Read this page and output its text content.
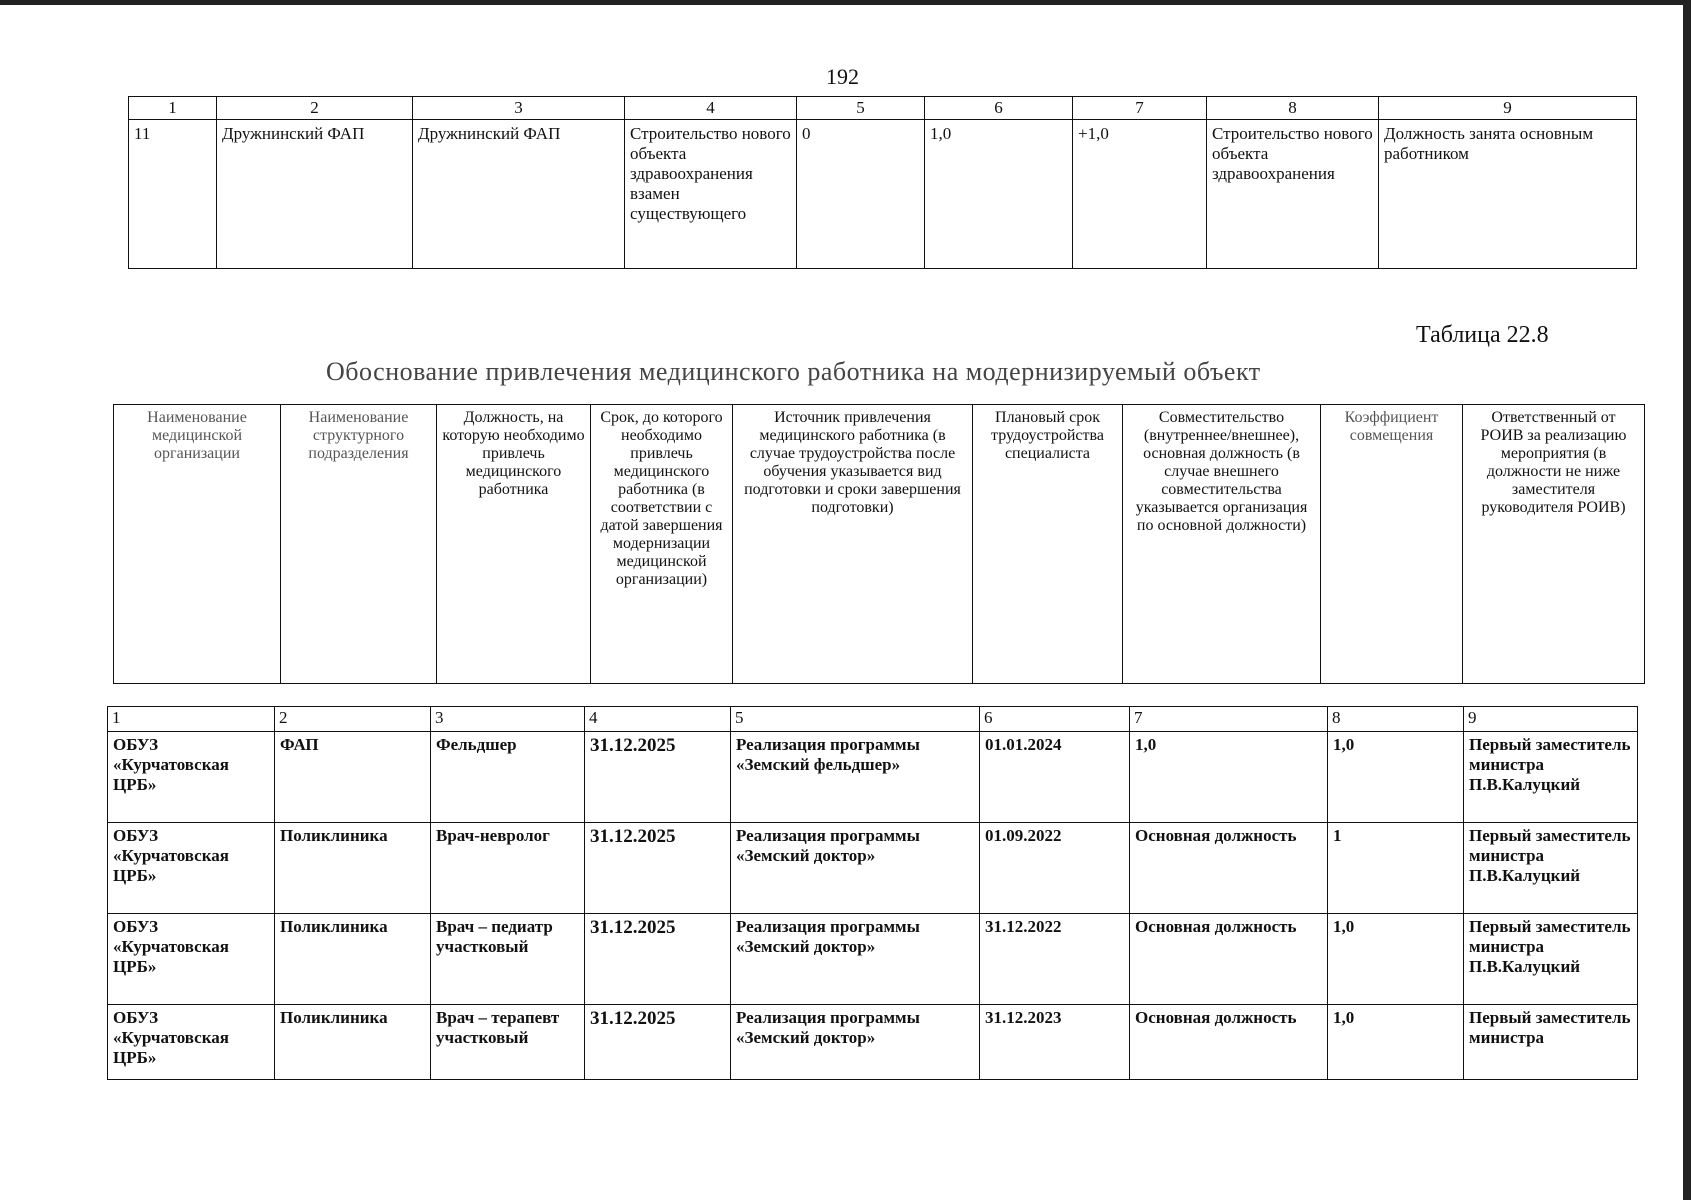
192
1	2	3	4	5	6	7	8	9
11	Дружнинский ФАП	Дружнинский ФАП	Строительство нового объекта здравоохранения взамен существующего	0	1,0	+1,0	Строительство нового объекта здравоохранения	Должность занята основным работником
Таблица 22.8
Обоснование привлечения медицинского работника на модернизируемый объект
Наименование медицинской организации	Наименование структурного подразделения	Должность, на которую необходимо привлечь медицинского работника	Срок, до которого необходимо привлечь медицинского работника (в соответствии с датой завершения модернизации медицинской организации)	Источник привлечения медицинского работника (в случае трудоустройства после обучения указывается вид подготовки и сроки завершения подготовки)	Плановый срок трудоустройства специалиста	Совместительство (внутреннее/внешнее), основная должность (в случае внешнего совместительства указывается организация по основной должности)	Коэффициент совмещения	Ответственный от РОИВ за реализацию мероприятия (в должности не ниже заместителя руководителя РОИВ)
1	2	3	4	5	6	7	8	9
ОБУЗ «Курчатовская ЦРБ»	ФАП	Фельдшер	31.12.2025	Реализация программы «Земский фельдшер»	01.01.2024	1,0	1,0	Первый заместитель министра П.В.Калуцкий
ОБУЗ «Курчатовская ЦРБ»	Поликлиника	Врач-невролог	31.12.2025	Реализация программы «Земский доктор»	01.09.2022	Основная должность	1	Первый заместитель министра П.В.Калуцкий
ОБУЗ «Курчатовская ЦРБ»	Поликлиника	Врач – педиатр участковый	31.12.2025	Реализация программы «Земский доктор»	31.12.2022	Основная должность	1,0	Первый заместитель министра П.В.Калуцкий
ОБУЗ «Курчатовская ЦРБ»	Поликлиника	Врач – терапевт участковый	31.12.2025	Реализация программы «Земский доктор»	31.12.2023	Основная должность	1,0	Первый заместитель министра
